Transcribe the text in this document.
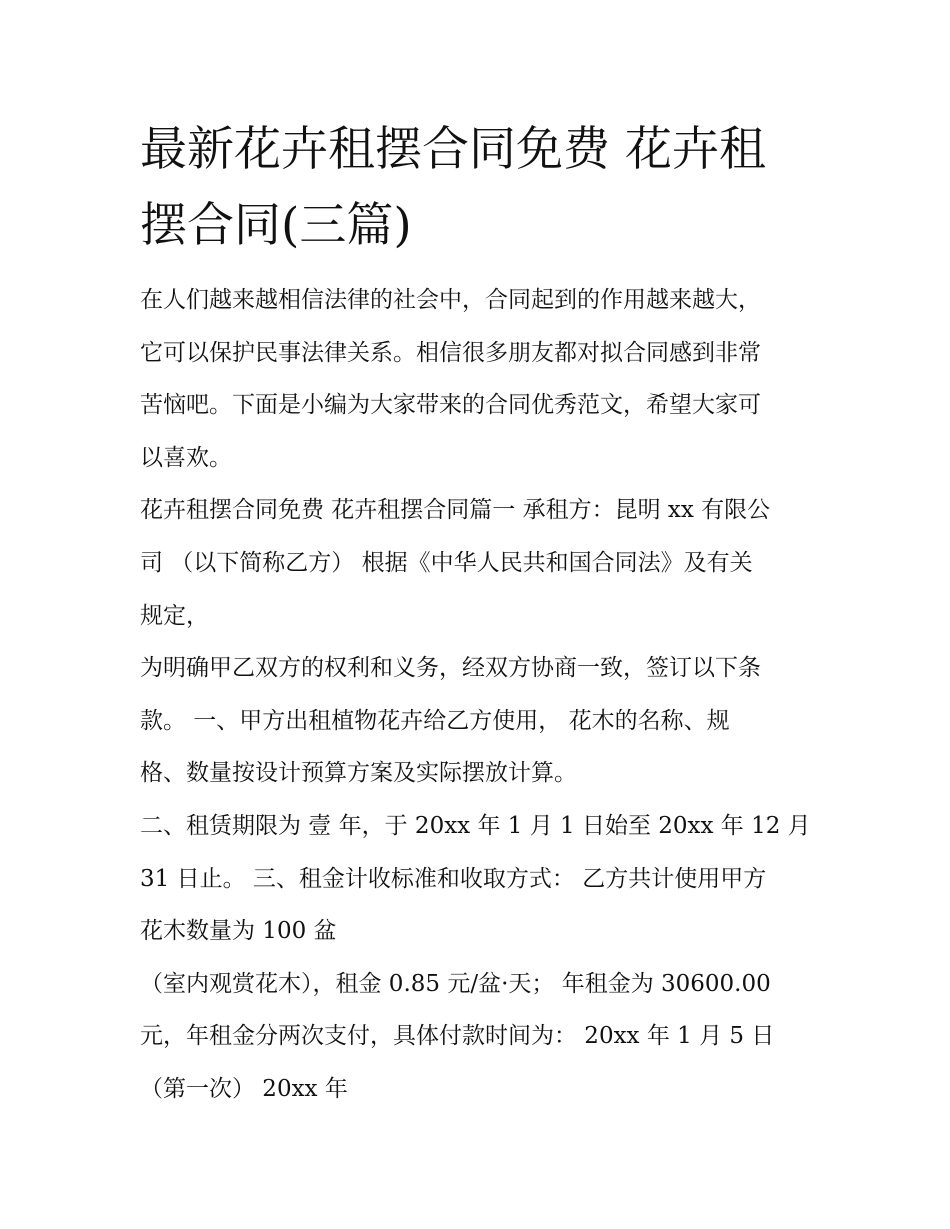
最新花卉租摆合同免费 花卉租
摆合同(三篇)
在人们越来越相信法律的社会中，合同起到的作用越来越大，
它可以保护民事法律关系。相信很多朋友都对拟合同感到非常
苦恼吧。下面是小编为大家带来的合同优秀范文，希望大家可
以喜欢。
花卉租摆合同免费 花卉租摆合同篇一 承租方：昆明 xx 有限公
司 （以下简称乙方） 根据《中华人民共和国合同法》及有关
规定，
为明确甲乙双方的权利和义务，经双方协商一致，签订以下条
款。 一、甲方出租植物花卉给乙方使用， 花木的名称、规
格、数量按设计预算方案及实际摆放计算。
二、租赁期限为 壹 年，于 20xx 年 1 月 1 日始至 20xx 年 12 月
31 日止。 三、租金计收标准和收取方式： 乙方共计使用甲方
花木数量为 100 盆
（室内观赏花木），租金 0.85 元/盆·天； 年租金为 30600.00
元，年租金分两次支付，具体付款时间为： 20xx 年 1 月 5 日
（第一次） 20xx 年
